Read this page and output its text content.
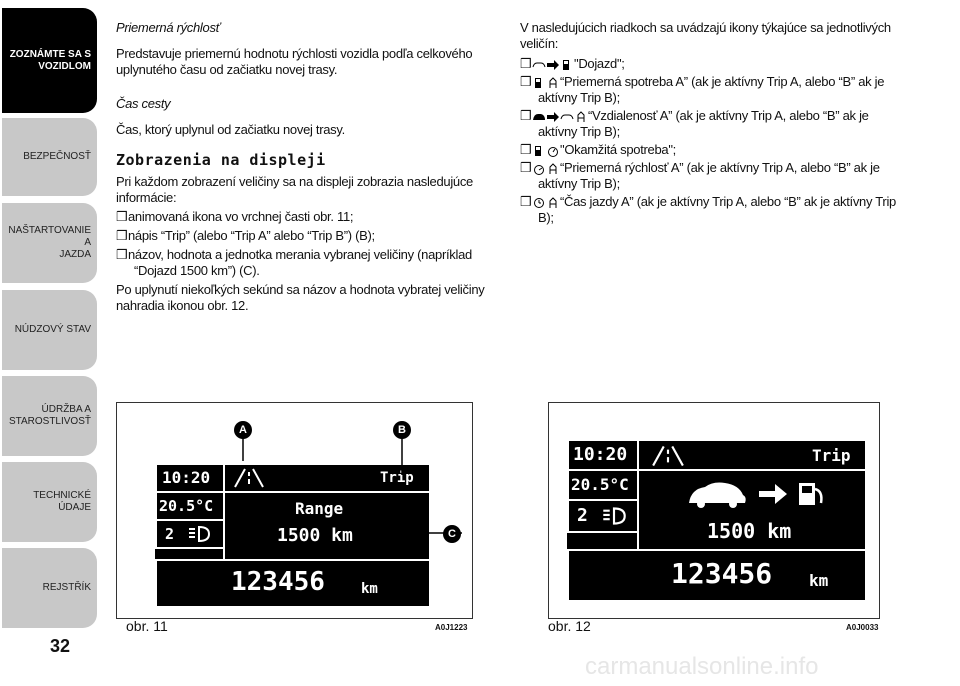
ZOZNÁMTE SA S
VOZIDLOM
BEZPEČNOSŤ
NAŠTARTOVANIE A
JAZDA
NÚDZOVÝ STAV
ÚDRŽBA A
STAROSTLIVOSŤ
TECHNICKÉ ÚDAJE
REJSTŘÍK
32

Priemerná rýchlosť

Predstavuje priemernú hodnotu rýchlosti vozidla podľa celkového uplynutého času od začiatku novej trasy.

Čas cesty

Čas, ktorý uplynul od začiatku novej trasy.

Zobrazenia na displeji

Pri každom zobrazení veličiny sa na displeji zobrazia nasledujúce informácie:

❒animovaná ikona vo vrchnej časti obr. 11;

❒nápis “Trip” (alebo “Trip A” alebo “Trip B”) (B);

❒názov, hodnota a jednotka merania vybranej veličiny (napríklad “Dojazd 1500 km”) (C).

Po uplynutí niekoľkých sekúnd sa názov a hodnota vybratej veličiny nahradia ikonou obr. 12.

V nasledujúcich riadkoch sa uvádzajú ikony týkajúce sa jednotlivých veličín:

❒	"Dojazd";

❒ “Priemerná spotreba A” (ak je aktívny Trip A, alebo “B” ak je aktívny Trip B);

❒	“Vzdialenosť A” (ak je aktívny Trip A, alebo “B” ak je aktívny Trip B);

❒ "Okamžitá spotreba";

❒ “Priemerná rýchlosť A” (ak je aktívny Trip A, alebo “B” ak je aktívny Trip B);

❒ “Čas jazdy A” (ak je aktívny Trip A, alebo “B” ak je aktívny Trip B);

10:20
20.5°C
2
Trip
Range
1500 km
123456	km
A	B
C
obr. 11	A0J1223
10:20
20.5°C
2
Trip
1500 km
123456 km
obr. 12	A0J0033
carmanualsonline.info
